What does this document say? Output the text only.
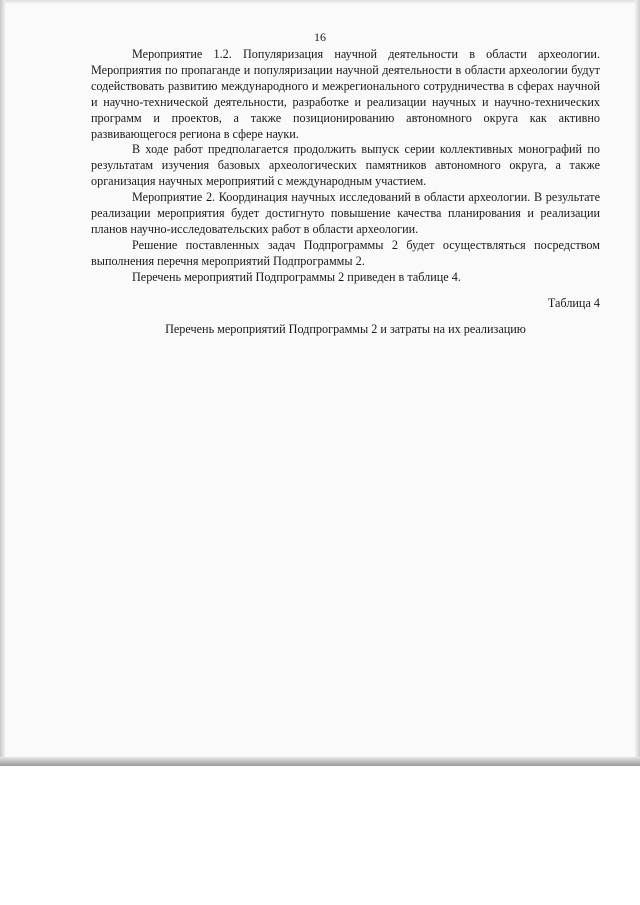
16

Мероприятие 1.2. Популяризация научной деятельности в области археологии. Мероприятия по пропаганде и популяризации научной деятельности в области археологии будут содействовать развитию международного и межрегионального сотрудничества в сферах научной и научно-технической деятельности, разработке и реализации научных и научно-технических программ и проектов, а также позиционированию автономного округа как активно развивающегося региона в сфере науки.

В ходе работ предполагается продолжить выпуск серии коллективных монографий по результатам изучения базовых археологических памятников автономного округа, а также организация научных мероприятий с международным участием.

Мероприятие 2. Координация научных исследований в области археологии. В результате реализации мероприятия будет достигнуто повышение качества планирования и реализации планов научно-исследовательских работ в области археологии.

Решение поставленных задач Подпрограммы 2 будет осуществляться посредством выполнения перечня мероприятий Подпрограммы 2.

Перечень мероприятий Подпрограммы 2 приведен в таблице 4.

Таблица 4

Перечень мероприятий Подпрограммы 2 и затраты на их реализацию
